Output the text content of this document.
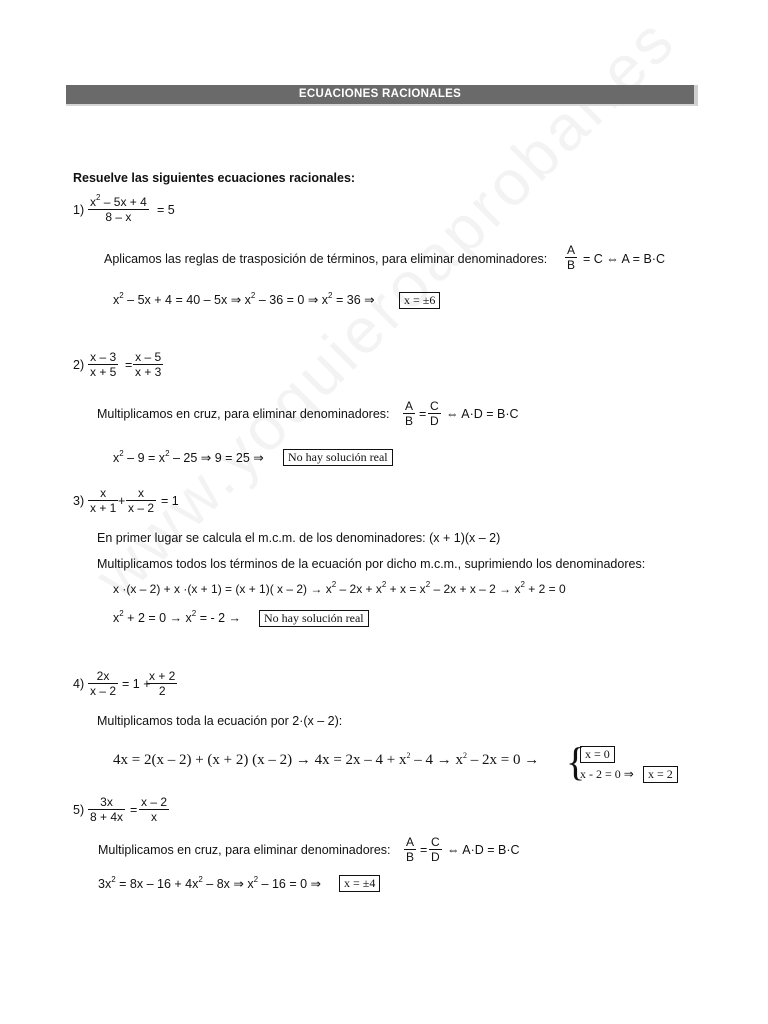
ECUACIONES RACIONALES
Resuelve las siguientes ecuaciones racionales:
$1) \frac{x^2 - 5x + 4}{8 - x} = 5$
Aplicamos las reglas de trasposición de términos, para eliminar denominadores: $\frac{A}{B} = C$ ⇔ A = B·C
$x^2 - 5x + 4 = 40 - 5x$ ⇒ $x^2 - 36 = 0$ ⇒ $x^2 = 36$ ⇒	x = ±6
$2) \frac{x - 3}{x + 5} = \frac{x - 5}{x + 3}$
Multiplicamos en cruz, para eliminar denominadores: $\frac{A}{B} = \frac{C}{D}$ ⇔ A·D = B·C
$x^2 - 9 = x^2 - 25$ ⇒ 9 = 25 ⇒	No hay solución real
$3) \frac{x}{x + 1} + \frac{x}{x - 2} = 1$
En primer lugar se calcula el m.c.m. de los denominadores: (x + 1)(x – 2)
Multiplicamos todos los términos de la ecuación por dicho m.c.m., suprimiendo los denominadores:
x ·(x – 2) + x ·(x + 1) = (x + 1)( $x - 2) \to x^2 - 2x + x^2 + x = x^2 - 2x + x - 2 \to x^2 + 2 = 0$
$x^2 + 2 = 0 \to x^2$ = - 2 →	No hay solución real
$4) \frac{2x}{x - 2} = 1$ +
$\frac{x + 2}{2}$
Multiplicamos toda la ecuación por 2·(x – 2):
4x = 2(x – 2) + (x + 2) $(x - 2) \to 4x = 2x - 4 + x^2 - 4 \to x^2 - 2x = 0$ → { x = 0
x - 2 = 0 ⇒	x = 2
$5) \frac{3x}{8 + 4x} = \frac{x - 2}{x}$
Multiplicamos en cruz, para eliminar denominadores: $\frac{A}{B} = \frac{C}{D}$ ⇔ A·D = B·C
$3x^2 = 8x - 16 + 4x^2 - 8x$ ⇒ $x^2 - 16 = 0$ ⇒	x = ±4
